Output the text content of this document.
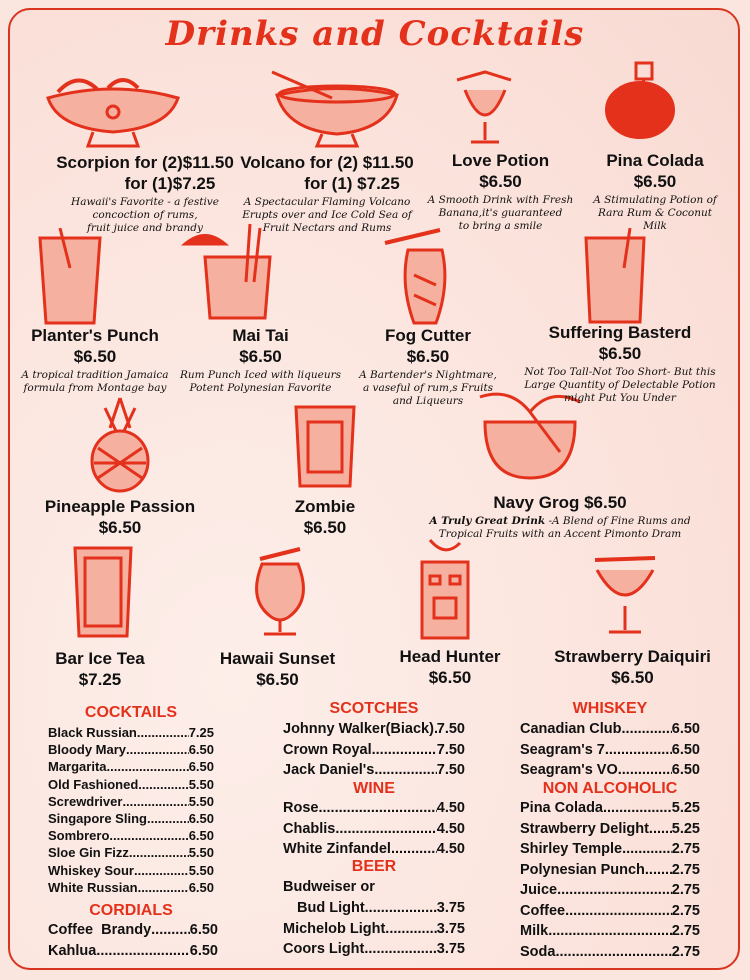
Drinks and Cocktails
Scorpion for (2)$11.50
for (1)$7.25
Hawaii's Favorite - a festive
concoction of rums,
fruit juice and brandy
Volcano for (2) $11.50
for (1) $7.25
A Spectacular Flaming Volcano
Erupts over and Ice Cold Sea of
Fruit Nectars and Rums
Love Potion
$6.50
A Smooth Drink with Fresh
Banana,it's guaranteed
to bring a smile
Pina Colada
$6.50
A Stimulating Potion of
Rara Rum & Coconut
Milk
Planter's Punch
$6.50
A tropical tradition Jamaica
formula from Montage bay
Mai Tai
$6.50
Rum Punch Iced with liqueurs
Potent Polynesian Favorite
Fog Cutter
$6.50
A Bartender's Nightmare,
a vaseful of rum,s Fruits
and Liqueurs
Suffering Basterd
$6.50
Not Too Tall-Not Too Short- But this
Large Quantity of Delectable Potion
might Put You Under
Pineapple Passion
$6.50
Zombie
$6.50
Navy Grog $6.50
A Truly Great Drink -A Blend of Fine Rums and
Tropical Fruits with an Accent Pimonto Dram
Bar Ice Tea
$7.25
Hawaii Sunset
$6.50
Head Hunter
$6.50
Strawberry Daiquiri
$6.50
COCKTAILS
Black Russian .....	7.25
Bloody Mary .....	6.50
Margarita .....	6.50
Old Fashioned .....	5.50
Screwdriver .....	5.50
Singapore Sling .....	6.50
Sombrero .....	6.50
Sloe Gin Fizz .....	5.50
Whiskey Sour .....	5.50
White Russian .....	6.50
CORDIALS
Coffee  Brandy .....	6.50
Kahlua .....	6.50
SCOTCHES
Johnny Walker(Biack) ..... 7.50
Crown Royal .....	7.50
Jack Daniel's .....	7.50
WINE
Rose .....	4.50
Chablis .....	4.50
White Zinfandel .....	4.50
BEER
Budweiser or
Bud Light .....	3.75
Michelob Light .....	3.75
Coors Light .....	3.75
WHISKEY
Canadian Club .....	6.50
Seagram's 7 .....	6.50
Seagram's VO .....	6.50
NON ALCOHOLIC
Pina Colada .....	5.25
Strawberry Delight ..... 5.25
Shirley Temple .....	2.75
Polynesian Punch ..... 2.75
Juice .....	2.75
Coffee .....	2.75
Milk .....	2.75
Soda .....	2.75
